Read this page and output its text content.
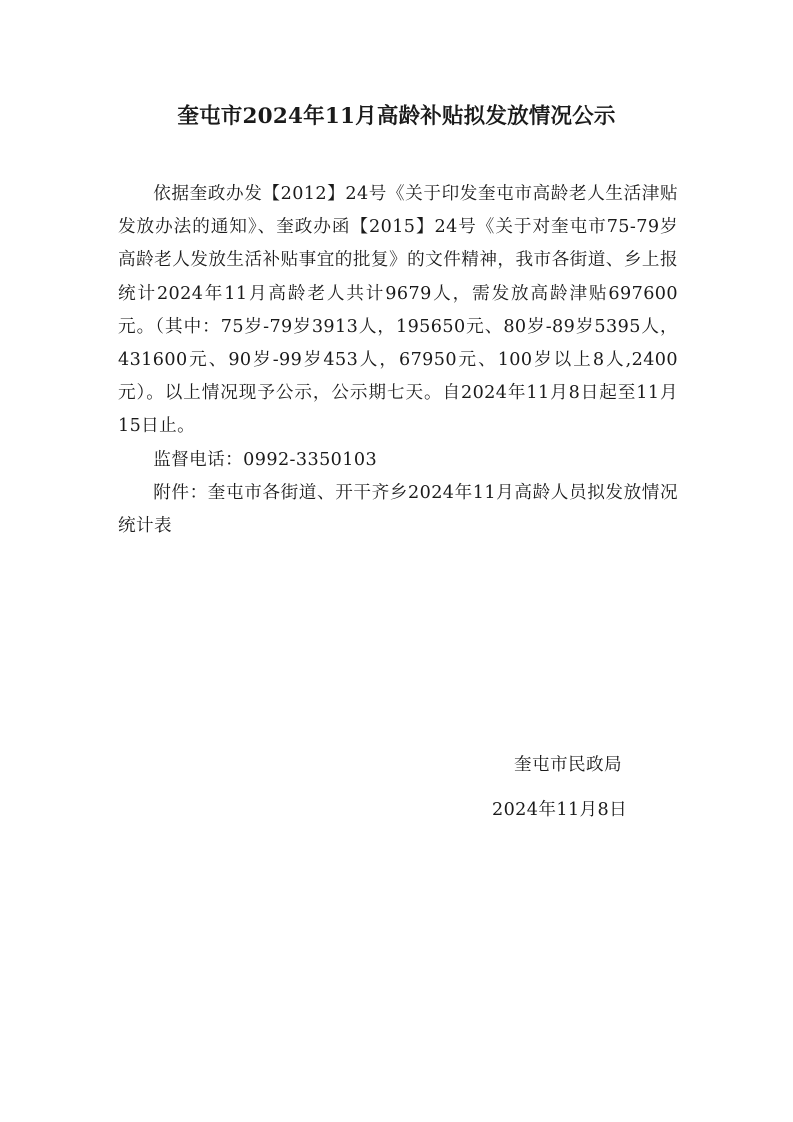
奎屯市2024年11月高龄补贴拟发放情况公示

依据奎政办发【2012】24号《关于印发奎屯市高龄老人生活津贴发放办法的通知》、奎政办函【2015】24号《关于对奎屯市75-79岁高龄老人发放生活补贴事宜的批复》的文件精神，我市各街道、乡上报统计2024年11月高龄老人共计9679人，需发放高龄津贴697600元。（其中：75岁-79岁3913人，195650元、80岁-89岁5395人，431600元、90岁-99岁453人，67950元、100岁以上8人,2400元）。以上情况现予公示，公示期七天。自2024年11月8日起至11月15日止。

监督电话：0992-3350103

附件：奎屯市各街道、开干齐乡2024年11月高龄人员拟发放情况统计表

奎屯市民政局
2024年11月8日
